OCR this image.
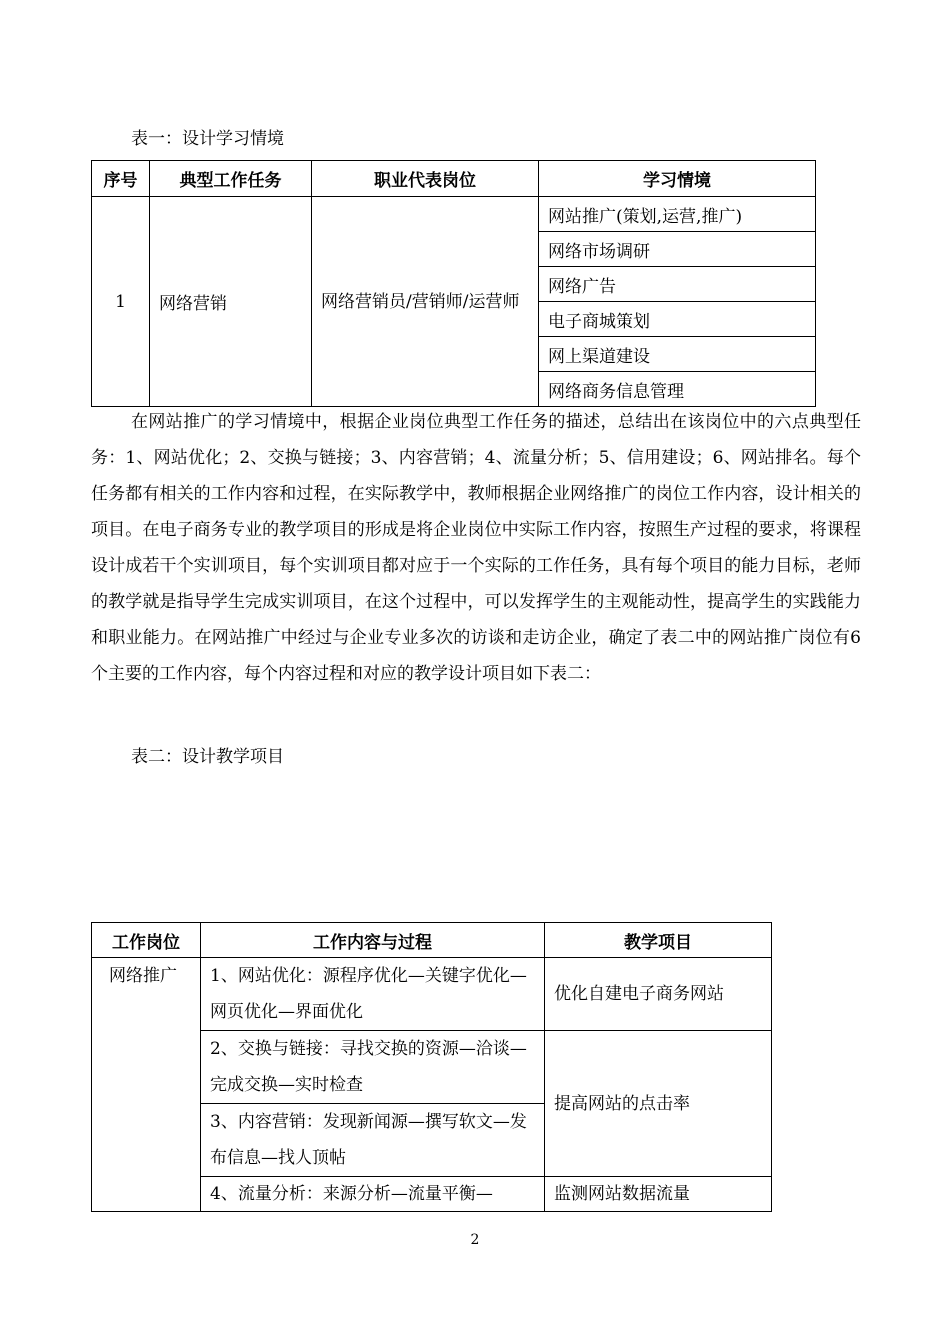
表一：设计学习情境
序号	典型工作任务	职业代表岗位	学习情境
1	网络营销	网络营销员/营销师/运营师	网站推广(策划,运营,推广)
			网络市场调研
			网络广告
			电子商城策划
			网上渠道建设
			网络商务信息管理

在网站推广的学习情境中，根据企业岗位典型工作任务的描述，总结出在该岗位中的六点典型任务：1、网站优化；2、交换与链接；3、内容营销；4、流量分析；5、信用建设；6、网站排名。每个任务都有相关的工作内容和过程，在实际教学中，教师根据企业网络推广的岗位工作内容，设计相关的项目。在电子商务专业的教学项目的形成是将企业岗位中实际工作内容，按照生产过程的要求，将课程设计成若干个实训项目，每个实训项目都对应于一个实际的工作任务，具有每个项目的能力目标，老师的教学就是指导学生完成实训项目，在这个过程中，可以发挥学生的主观能动性，提高学生的实践能力和职业能力。在网站推广中经过与企业专业多次的访谈和走访企业，确定了表二中的网站推广岗位有6个主要的工作内容，每个内容过程和对应的教学设计项目如下表二：

表二：设计教学项目
工作岗位	工作内容与过程	教学项目
网络推广	1、网站优化：源程序优化—关键字优化—网页优化—界面优化	优化自建电子商务网站
	2、交换与链接：寻找交换的资源—洽谈—完成交换—实时检查	提高网站的点击率
	3、内容营销：发现新闻源—撰写软文—发布信息—找人顶帖	
	4、流量分析：来源分析—流量平衡—	监测网站数据流量
2
